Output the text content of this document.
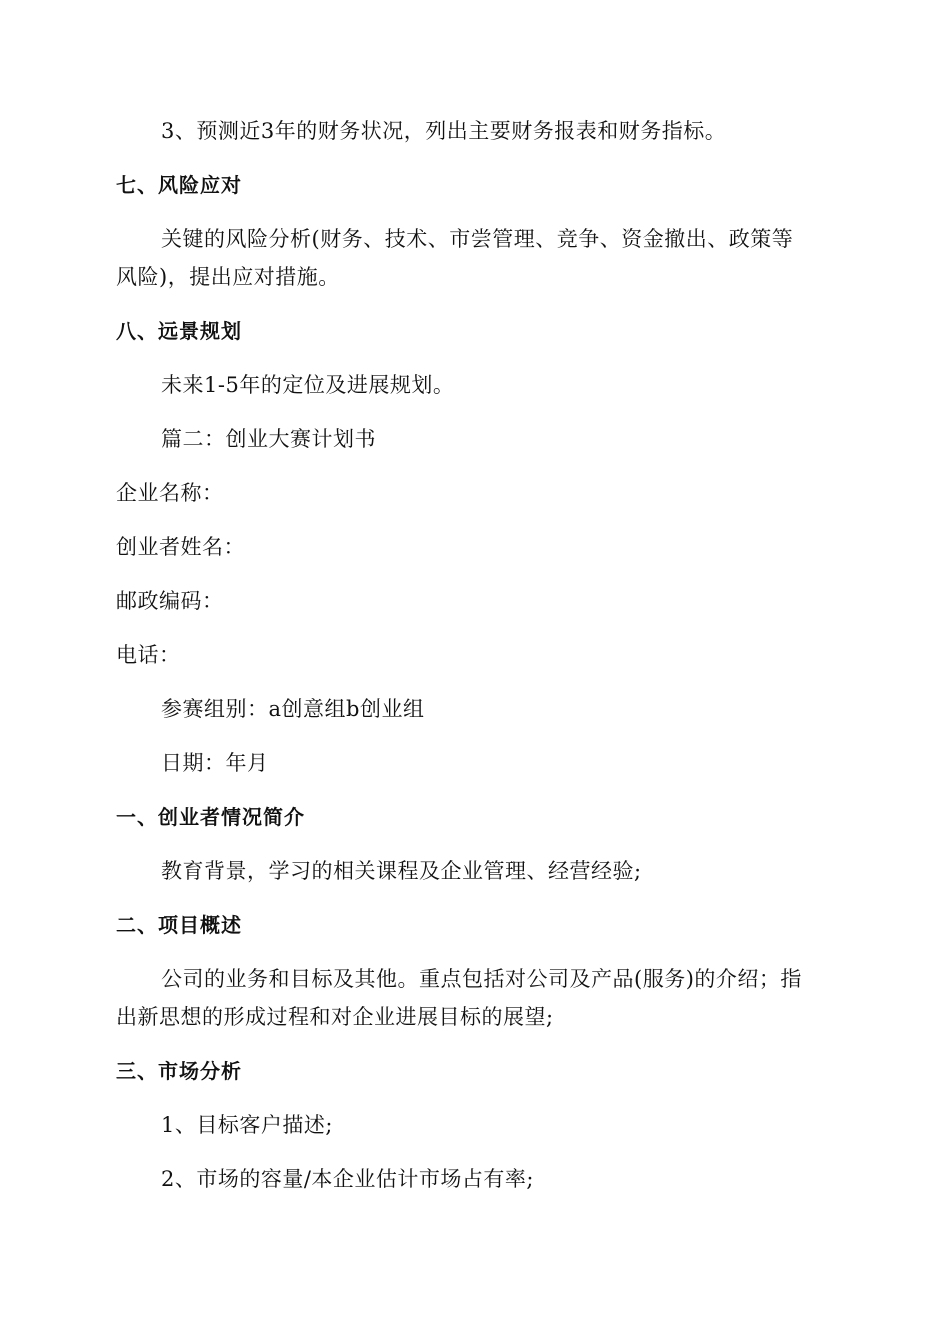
3、预测近3年的财务状况，列出主要财务报表和财务指标。
七、风险应对
关键的风险分析(财务、技术、市尝管理、竞争、资金撤出、政策等
风险)，提出应对措施。
八、远景规划
未来1-5年的定位及进展规划。
篇二：创业大赛计划书
企业名称：
创业者姓名：
邮政编码：
电话：
参赛组别：a创意组b创业组
日期：年月
一、创业者情况简介
教育背景，学习的相关课程及企业管理、经营经验;
二、项目概述
公司的业务和目标及其他。重点包括对公司及产品(服务)的介绍；指
出新思想的形成过程和对企业进展目标的展望;
三、市场分析
1、目标客户描述;
2、市场的容量/本企业估计市场占有率;
